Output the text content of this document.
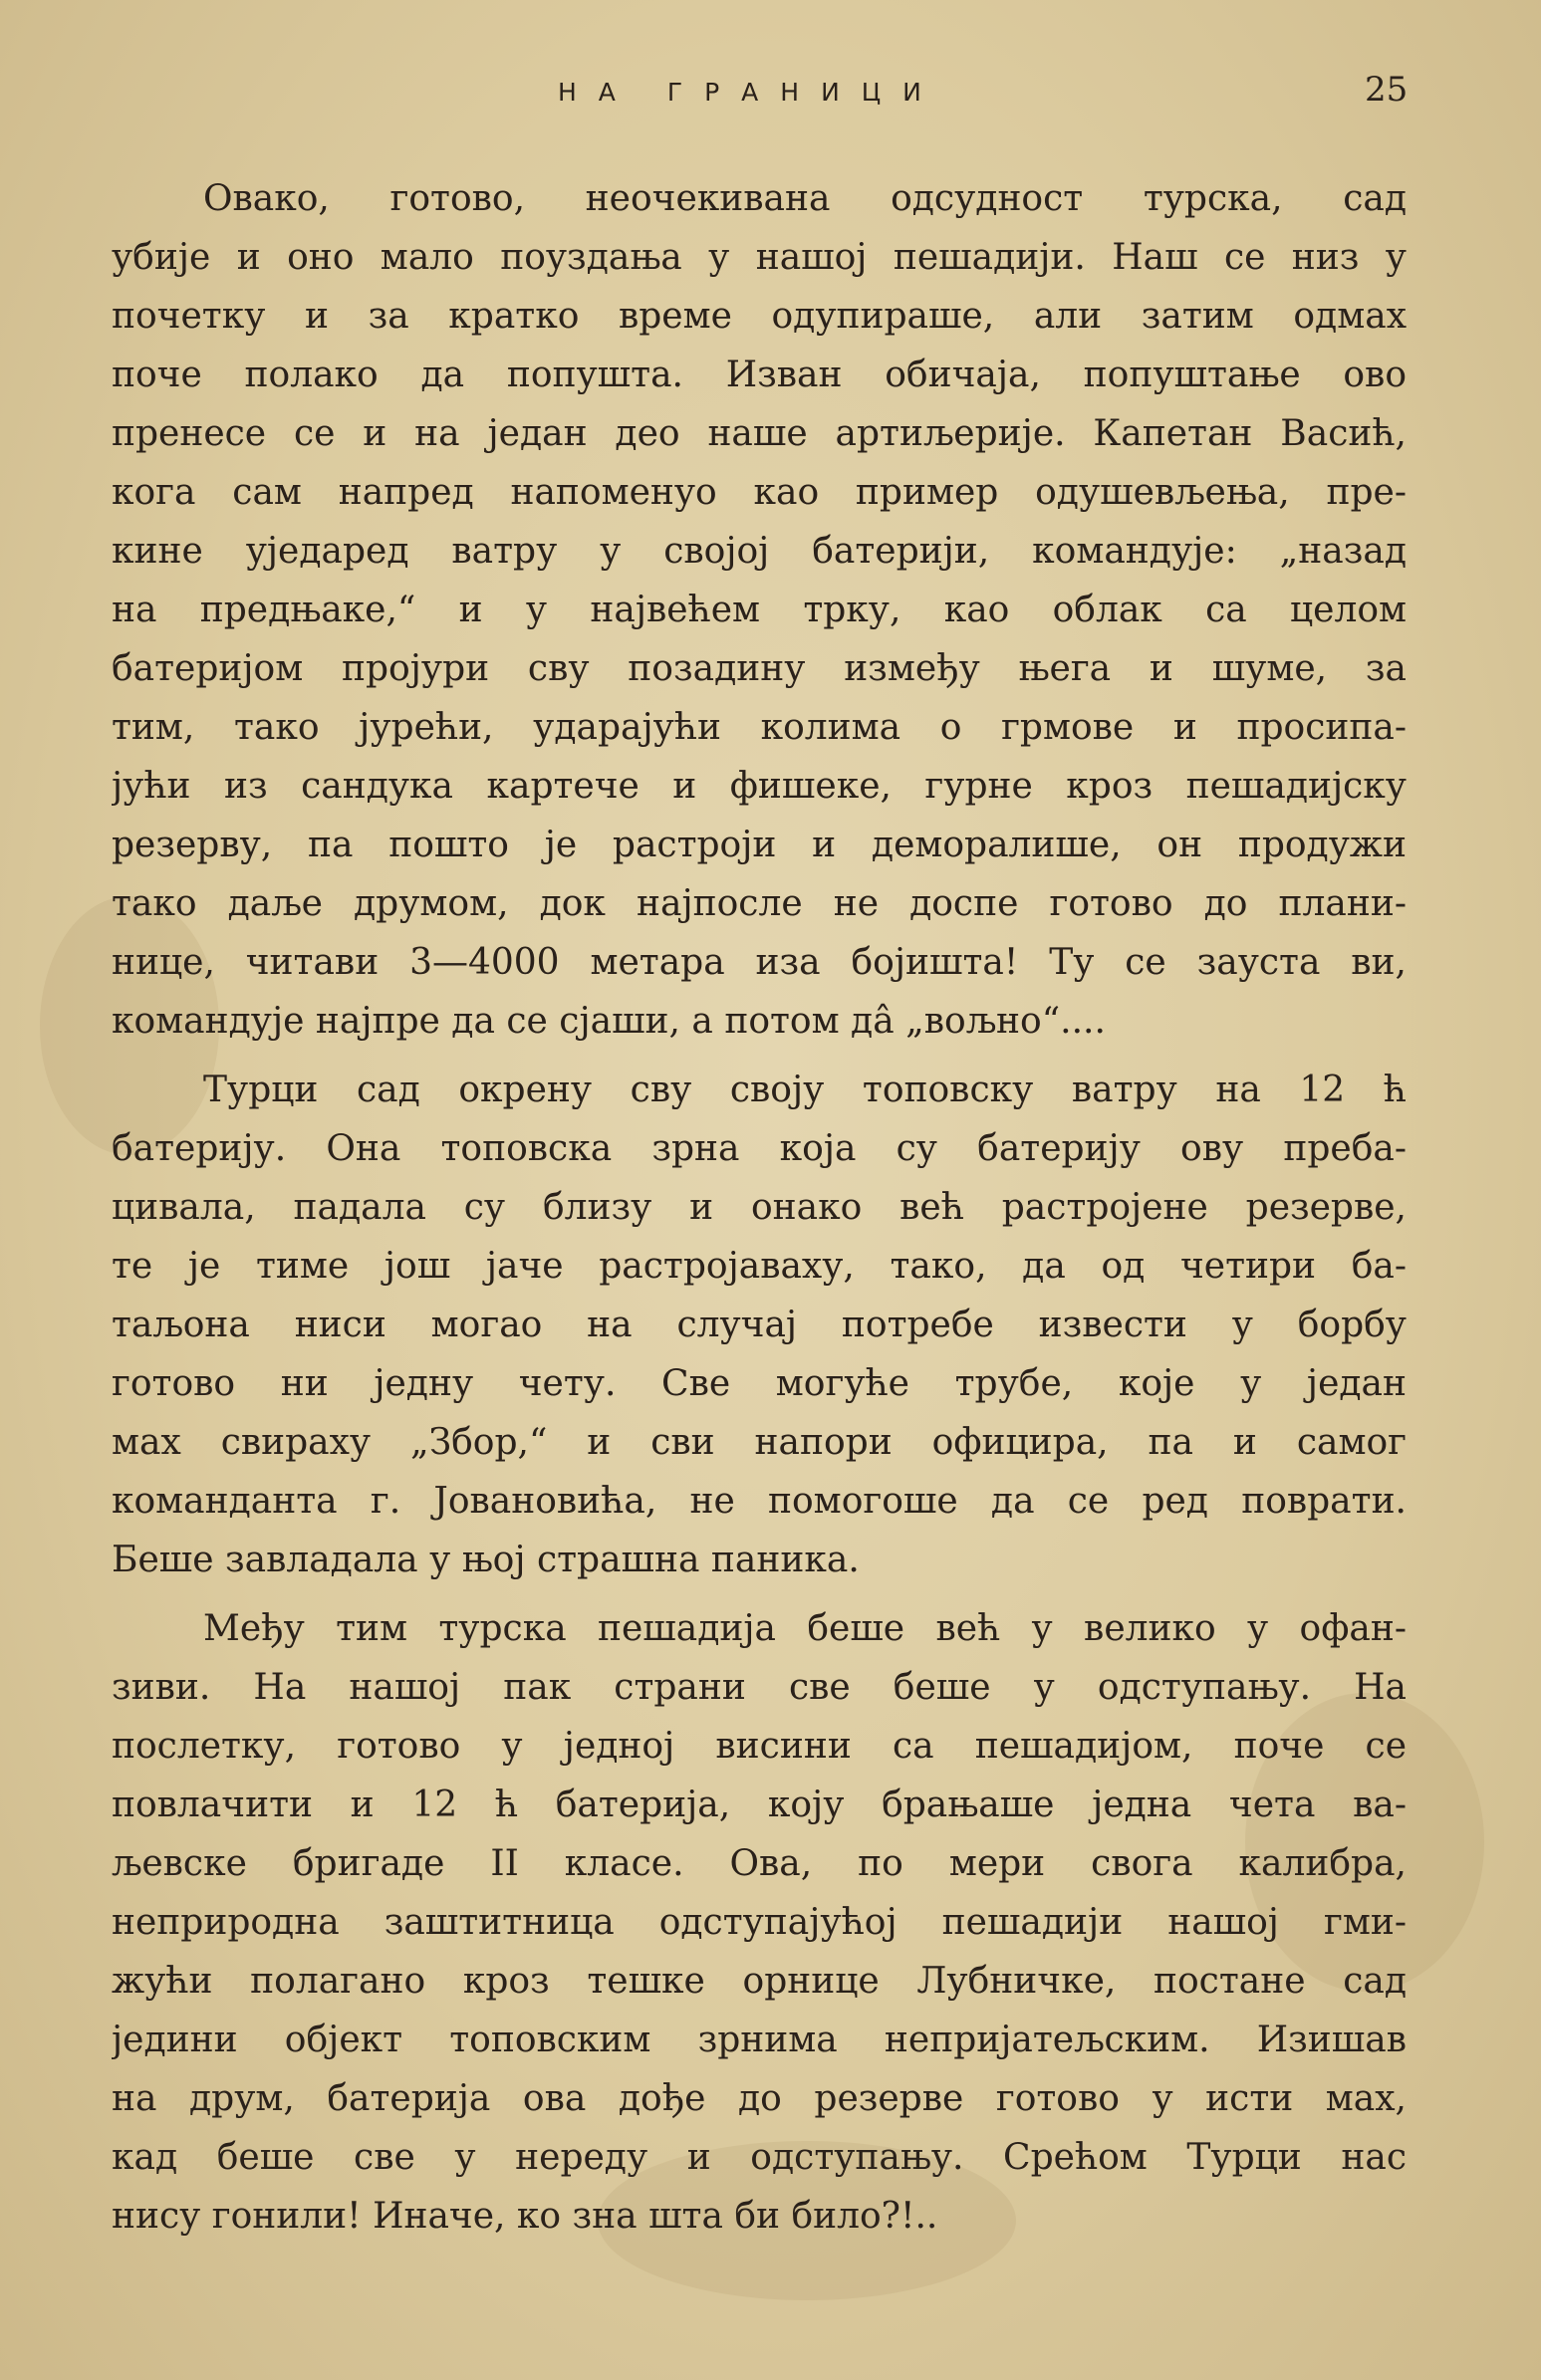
НА ГРАНИЦИ	25
Овако, готово, неочекивана одсудност турска, сад
убије и оно мало поуздања у нашој пешадији. Наш се низ у
почетку и за кратко време одупираше, али затим одмах
поче полако да попушта. Изван обичаја, попуштање ово
пренесе се и на један део наше артиљерије. Капетан Васић,
кога сам напред напоменуо као пример одушевљења, пре-
кине уједаред ватру у својој батерији, командује: „назад
на предњаке,“ и у највећем трку, као облак са целом
батеријом пројури сву позадину између њега и шуме, за
тим, тако јурећи, ударајући колима о грмове и просипа-
јући из сандука картече и фишеке, гурне кроз пешадијску
резерву, па пошто је растроји и деморалише, он продужи
тако даље друмом, док најпосле не доспе готово до плани-
нице, читави 3—4000 метара иза бојишта! Ту се зауста ви,
командује најпре да се сјаши, а потом да̂ „вољно“....
Турци сад окрену сву своју топовску ватру на 12 ћ
батерију. Она топовска зрна која су батерију ову преба-
цивала, падала су близу и онако већ растројене резерве,
те је тиме још јаче растројаваху, тако, да од четири ба-
таљона ниси могао на случај потребе извести у борбу
готово ни једну чету. Све могуће трубе, које у један
мах свираху „Збор,“ и сви напори официра, па и самог
команданта г. Јовановића, не помогоше да се ред поврати.
Беше завладала у њој страшна паника.
Међу тим турска пешадија беше већ у велико у офан-
зиви. На нашој пак страни све беше у одступању. На
послетку, готово у једној висини са пешадијом, поче се
повлачити и 12 ћ батерија, коју брањаше једна чета ва-
љевске бригаде II класе. Ова, по мери свога калибра,
неприродна заштитница одступајућој пешадији нашој гми-
жући полагано кроз тешке орнице Лубничке, постане сад
једини објект топовским зрнима непријатељским. Изишав
на друм, батерија ова дође до резерве готово у исти мах,
кад беше све у нереду и одступању. Срећом Турци нас
нису гонили! Иначе, ко зна шта би било?!..
